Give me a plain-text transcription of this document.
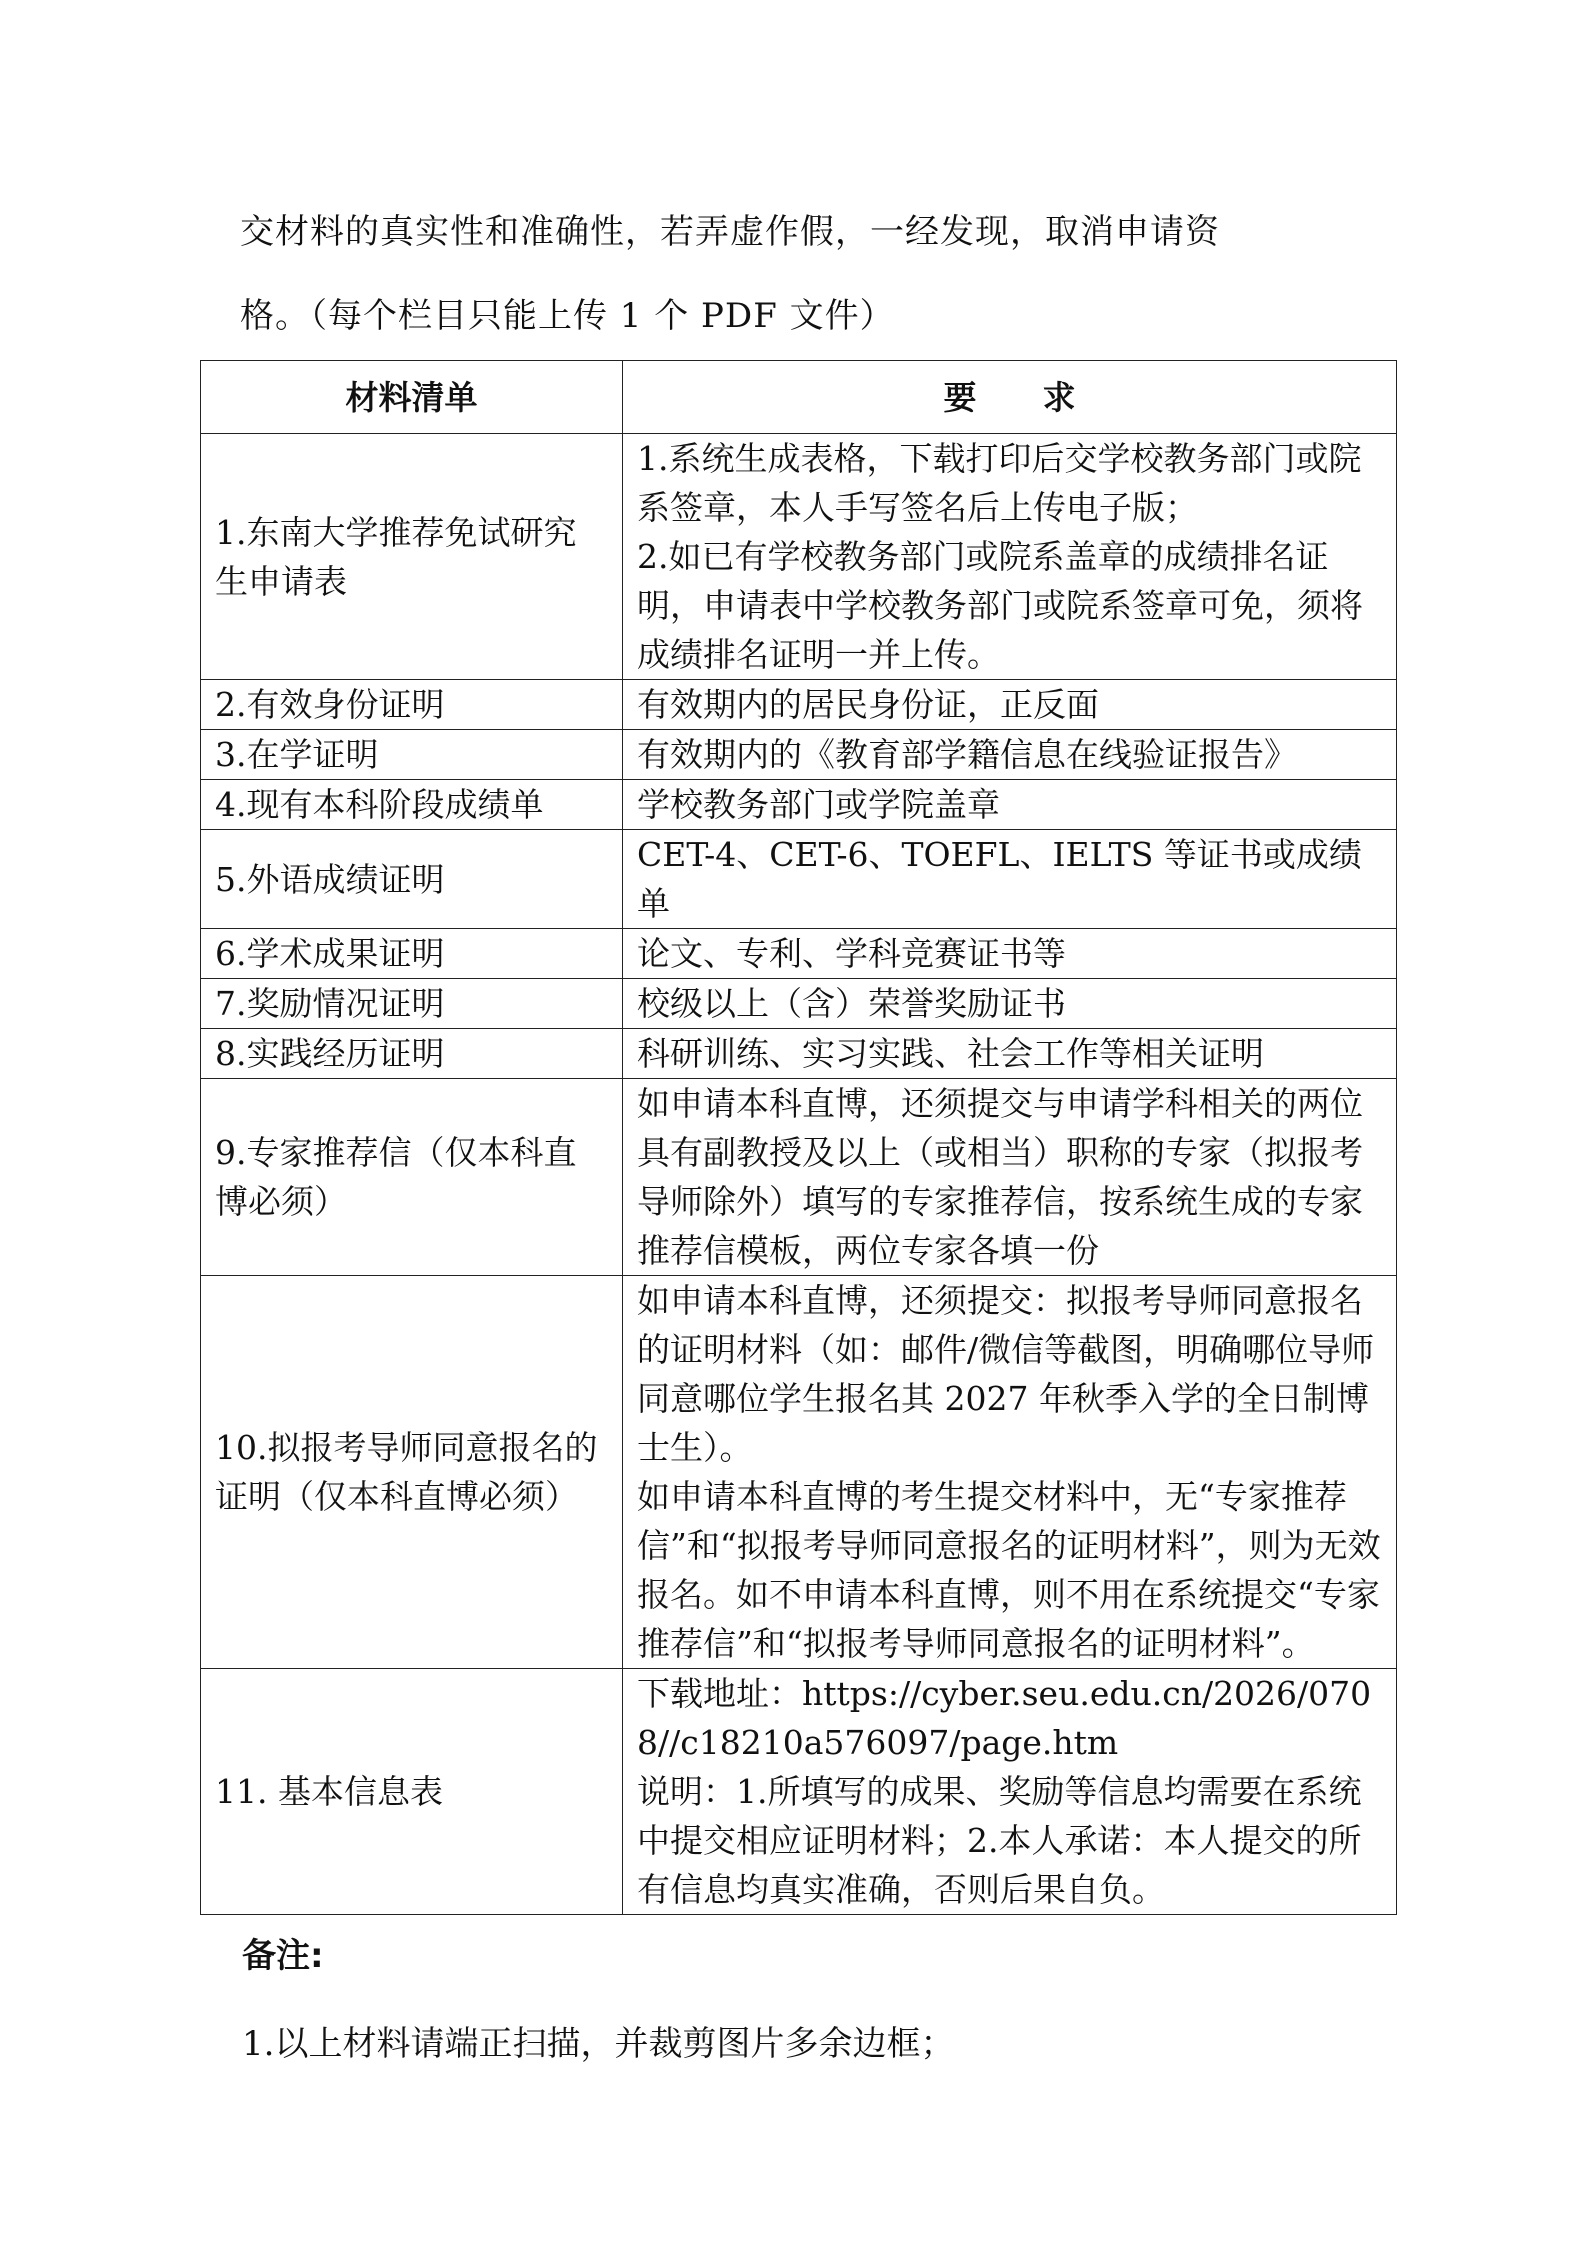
交材料的真实性和准确性，若弄虚作假，一经发现，取消申请资
格。（每个栏目只能上传 1 个 PDF 文件）
材料清单	要　　求
1.东南大学推荐免试研究生申请表	1.系统生成表格，下载打印后交学校教务部门或院系签章，本人手写签名后上传电子版；
2.如已有学校教务部门或院系盖章的成绩排名证明，申请表中学校教务部门或院系签章可免，须将成绩排名证明一并上传。

2.有效身份证明	有效期内的居民身份证，正反面

3.在学证明	有效期内的《教育部学籍信息在线验证报告》

4.现有本科阶段成绩单	学校教务部门或学院盖章

5.外语成绩证明	CET-4、CET-6、TOEFL、IELTS 等证书或成绩单

6.学术成果证明	论文、专利、学科竞赛证书等

7.奖励情况证明	校级以上（含）荣誉奖励证书

8.实践经历证明	科研训练、实习实践、社会工作等相关证明

9.专家推荐信（仅本科直博必须）	如申请本科直博，还须提交与申请学科相关的两位具有副教授及以上（或相当）职称的专家（拟报考导师除外）填写的专家推荐信，按系统生成的专家推荐信模板，两位专家各填一份

10.拟报考导师同意报名的证明（仅本科直博必须）	如申请本科直博，还须提交：拟报考导师同意报名的证明材料（如：邮件/微信等截图，明确哪位导师同意哪位学生报名其 2027 年秋季入学的全日制博士生）。
如申请本科直博的考生提交材料中，无“专家推荐信”和“拟报考导师同意报名的证明材料”，则为无效报名。如不申请本科直博，则不用在系统提交“专家推荐信”和“拟报考导师同意报名的证明材料”。

11. 基本信息表	下载地址：https://cyber.seu.edu.cn/2026/0708//c18210a576097/page.htm
说明：1.所填写的成果、奖励等信息均需要在系统中提交相应证明材料；2.本人承诺：本人提交的所有信息均真实准确，否则后果自负。
备注:
1.以上材料请端正扫描，并裁剪图片多余边框；
